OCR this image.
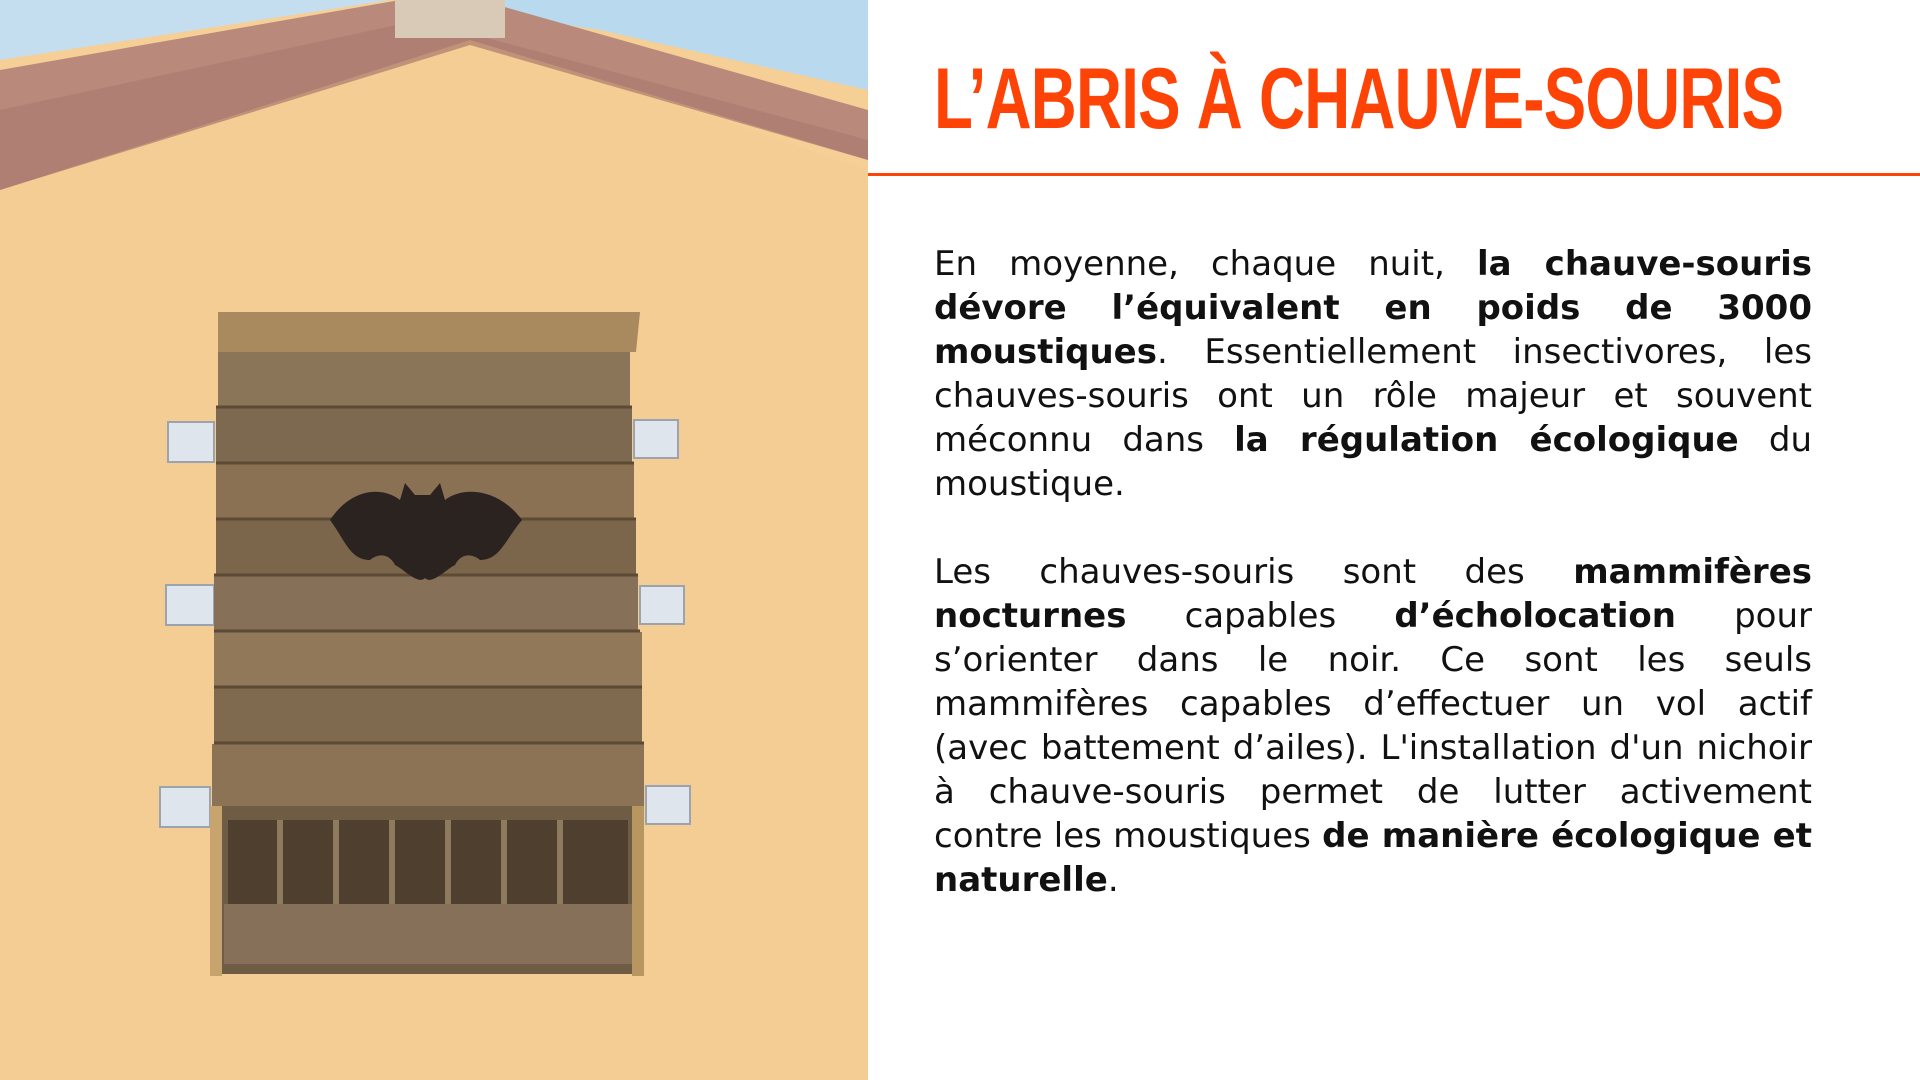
L’ABRIS À CHAUVE-SOURIS

En moyenne, chaque nuit, la chauve-souris dévore l’équivalent en poids de 3000 moustiques. Essentiellement insectivores, les chauves-souris ont un rôle majeur et souvent méconnu dans la régulation écologique du moustique.

Les chauves-souris sont des mammifères nocturnes capables d’écholocation pour s’orienter dans le noir. Ce sont les seuls mammifères capables d’effectuer un vol actif (avec battement d’ailes). L'installation d'un nichoir à chauve-souris permet de lutter activement contre les moustiques de manière écologique et naturelle.
